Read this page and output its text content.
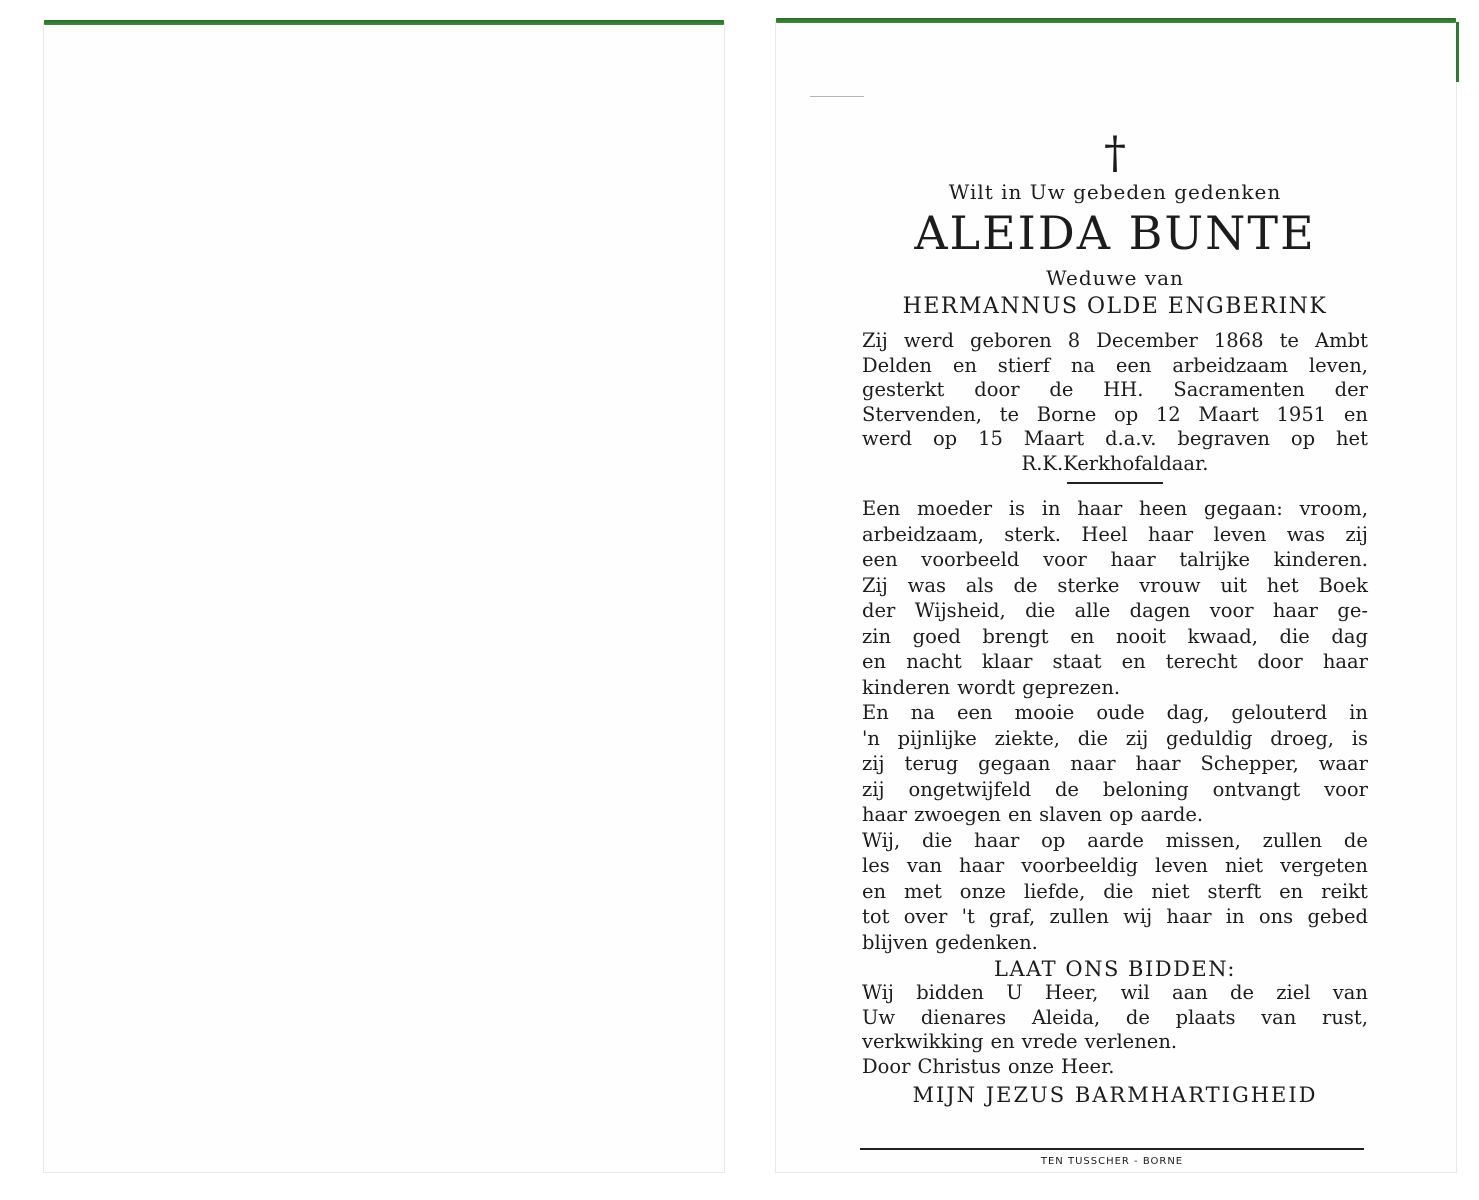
†
Wilt in Uw gebeden gedenken
ALEIDA BUNTE
Weduwe van
HERMANNUS OLDE ENGBERINK
Zij werd geboren 8 December 1868 te Ambt
Delden en stierf na een arbeidzaam leven,
gesterkt door de HH. Sacramenten der
Stervenden, te Borne op 12 Maart 1951 en
werd op 15 Maart d.a.v. begraven op het
R.K. Kerkhof aldaar.
Een moeder is in haar heen gegaan: vroom,
arbeidzaam, sterk. Heel haar leven was zij
een voorbeeld voor haar talrijke kinderen.
Zij was als de sterke vrouw uit het Boek
der Wijsheid, die alle dagen voor haar ge-
zin goed brengt en nooit kwaad, die dag
en nacht klaar staat en terecht door haar
kinderen wordt geprezen.
En na een mooie oude dag, gelouterd in
'n pijnlijke ziekte, die zij geduldig droeg, is
zij terug gegaan naar haar Schepper, waar
zij ongetwijfeld de beloning ontvangt voor
haar zwoegen en slaven op aarde.
Wij, die haar op aarde missen, zullen de
les van haar voorbeeldig leven niet vergeten
en met onze liefde, die niet sterft en reikt
tot over 't graf, zullen wij haar in ons gebed
blijven gedenken.
LAAT ONS BIDDEN:
Wij bidden U Heer, wil aan de ziel van
Uw dienares Aleida, de plaats van rust,
verkwikking en vrede verlenen.
Door Christus onze Heer.
MIJN JEZUS BARMHARTIGHEID
TEN TUSSCHER - BORNE
